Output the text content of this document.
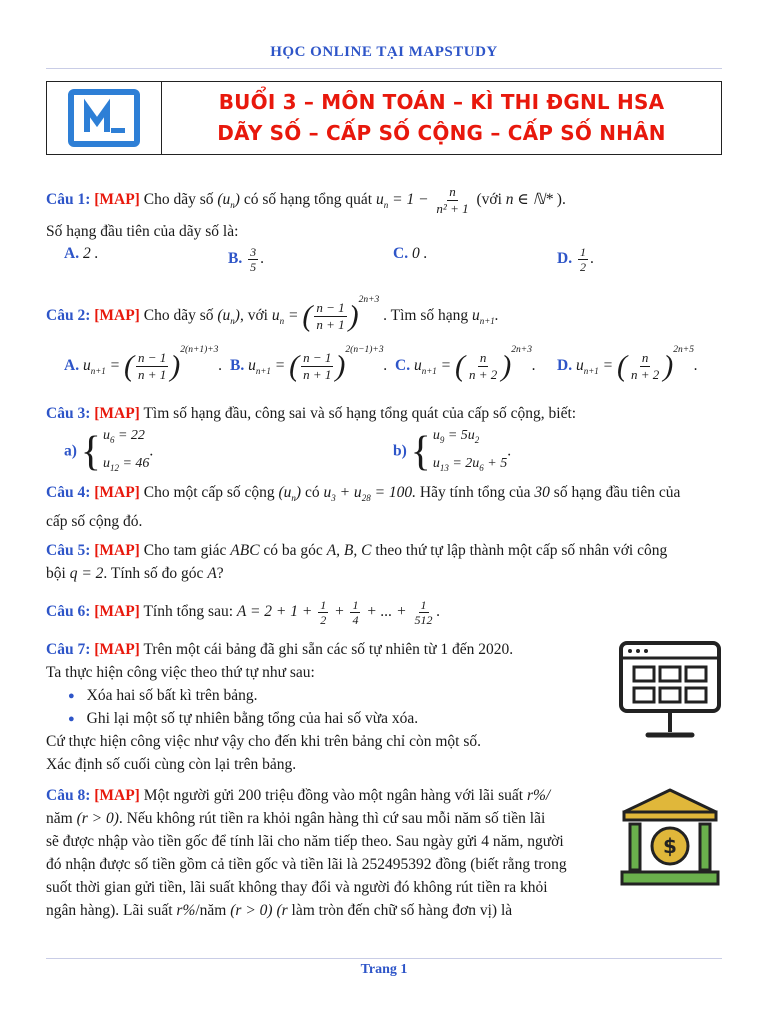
HỌC ONLINE TẠI MAPSTUDY
BUỔI 3 – MÔN TOÁN – KÌ THI ĐGNL HSA
DÃY SỐ – CẤP SỐ CỘNG – CẤP SỐ NHÂN
Câu 1: [MAP] Cho dãy số $(u_n)$ có số hạng tổng quát $u_n = 1 - \frac{n}{\text{n² + 1}}$ (với n ∈ ℕ* ).
Số hạng đầu tiên của dãy số là:
A. 2 .	B. $\frac{3}{5}$ .	C. 0 .	D. $\frac{1}{2}$ .
Câu 2: [MAP] Cho dãy số $(u_n)$, với $u_n$ = ( $\frac{n - 1}{n + 1} )^{2n+3}$ . Tìm số hạng $u_{n+1}$.
A. $u_{n+1}$ = ( $\frac{n - 1}{n + 1} )^{2(n+1)+3}$. B. $u_{n+1}$ = ( $\frac{n - 1}{n + 1} )^{2(n-1)+3}$. C. $u_{n+1}$ = ( $\frac{n}{n + 2} )^{2n+3}$. D. $u_{n+1}$ = ( $\frac{n}{n + 2} )^{2n+5}$.
Câu 3: [MAP] Tìm số hạng đầu, công sai và số hạng tổng quát của cấp số cộng, biết:
a) { $u_6 = 22$
$u_{12} = 46$
.	b) { $u_9 = 5u_2$
$u_{13} = 2u_6 + 5$
.
Câu 4: [MAP] Cho một cấp số cộng $(u_n)$ có $u_3 + u_{28} = 100$. Hãy tính tổng của 30 số hạng đầu tiên của
cấp số cộng đó.
Câu 5: [MAP] Cho tam giác ABC có ba góc A, B, C theo thứ tự lập thành một cấp số nhân với công
bội q = 2. Tính số đo góc A?
Câu 6: [MAP] Tính tổng sau: $A = 2 + 1 + \frac{1}{2} + \frac{1}{4}$ + ... + $\frac{1}{512}$ .
Câu 7: [MAP] Trên một cái bảng đã ghi sẵn các số tự nhiên từ 1 đến 2020.
Ta thực hiện công việc theo thứ tự như sau:
● Xóa hai số bất kì trên bảng.
● Ghi lại một số tự nhiên bằng tổng của hai số vừa xóa.
Cứ thực hiện công việc như vậy cho đến khi trên bảng chỉ còn một số.
Xác định số cuối cùng còn lại trên bảng.
Câu 8: [MAP] Một người gửi 200 triệu đồng vào một ngân hàng với lãi suất r%/
năm (r > 0). Nếu không rút tiền ra khỏi ngân hàng thì cứ sau mỗi năm số tiền lãi
sẽ được nhập vào tiền gốc để tính lãi cho năm tiếp theo. Sau ngày gửi 4 năm, người
đó nhận được số tiền gồm cả tiền gốc và tiền lãi là 252495392 đồng (biết rằng trong
suốt thời gian gửi tiền, lãi suất không thay đổi và người đó không rút tiền ra khỏi
ngân hàng). Lãi suất r%/năm (r > 0) (r làm tròn đến chữ số hàng đơn vị) là
$
Trang 1
